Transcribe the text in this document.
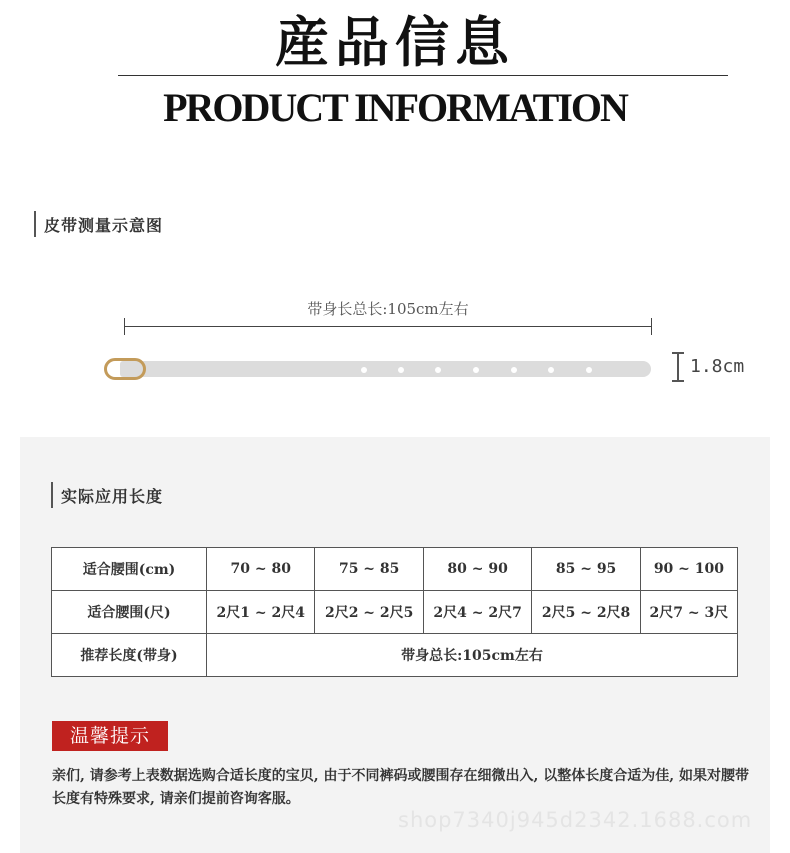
産品信息
PRODUCT INFORMATION
皮带测量示意图
带身长总长:105cm左右
1.8cm
实际应用长度
适合腰围(cm)	70 ~ 80	75 ~ 85	80 ~ 90	85 ~ 95	90 ~ 100
适合腰围(尺)	2尺1 ~ 2尺4	2尺2 ~ 2尺5	2尺4 ~ 2尺7	2尺5 ~ 2尺8	2尺7 ~ 3尺
推荐长度(带身)	带身总长:105cm左右				
温馨提示
亲们, 请参考上表数据选购合适长度的宝贝, 由于不同裤码或腰围存在细微出入, 以整体长度合适为佳, 如果对腰带长度有特殊要求, 请亲们提前咨询客服。
shop7340j945d2342.1688.com
